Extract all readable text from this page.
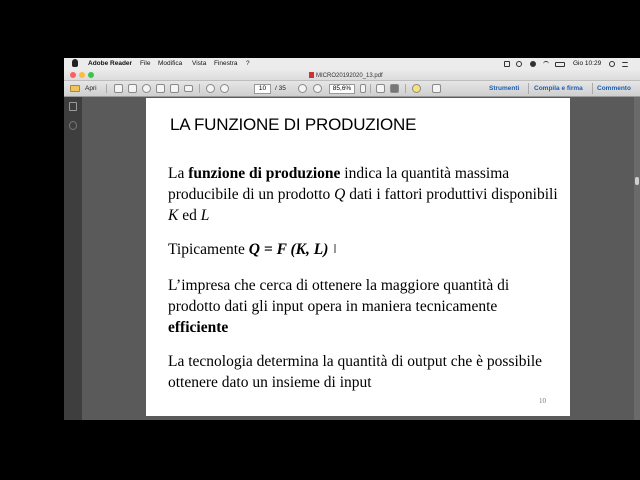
Adobe Reader File Modifica Vista Finestra ?	Gio 10:29
MICRO20192020_13.pdf
Apri
10	/ 35
85,6%	Strumenti Compila e firma Commento
LA FUNZIONE DI PRODUZIONE
La funzione di produzione indica la quantità massima producibile di un prodotto Q dati i fattori produttivi disponibili K ed L
Tipicamente Q = F (K, L)
L’impresa che cerca di ottenere la maggiore quantità di prodotto dati gli input opera in maniera tecnicamente efficiente
La tecnologia determina la quantità di output che è possibile ottenere dato un insieme di input
10
